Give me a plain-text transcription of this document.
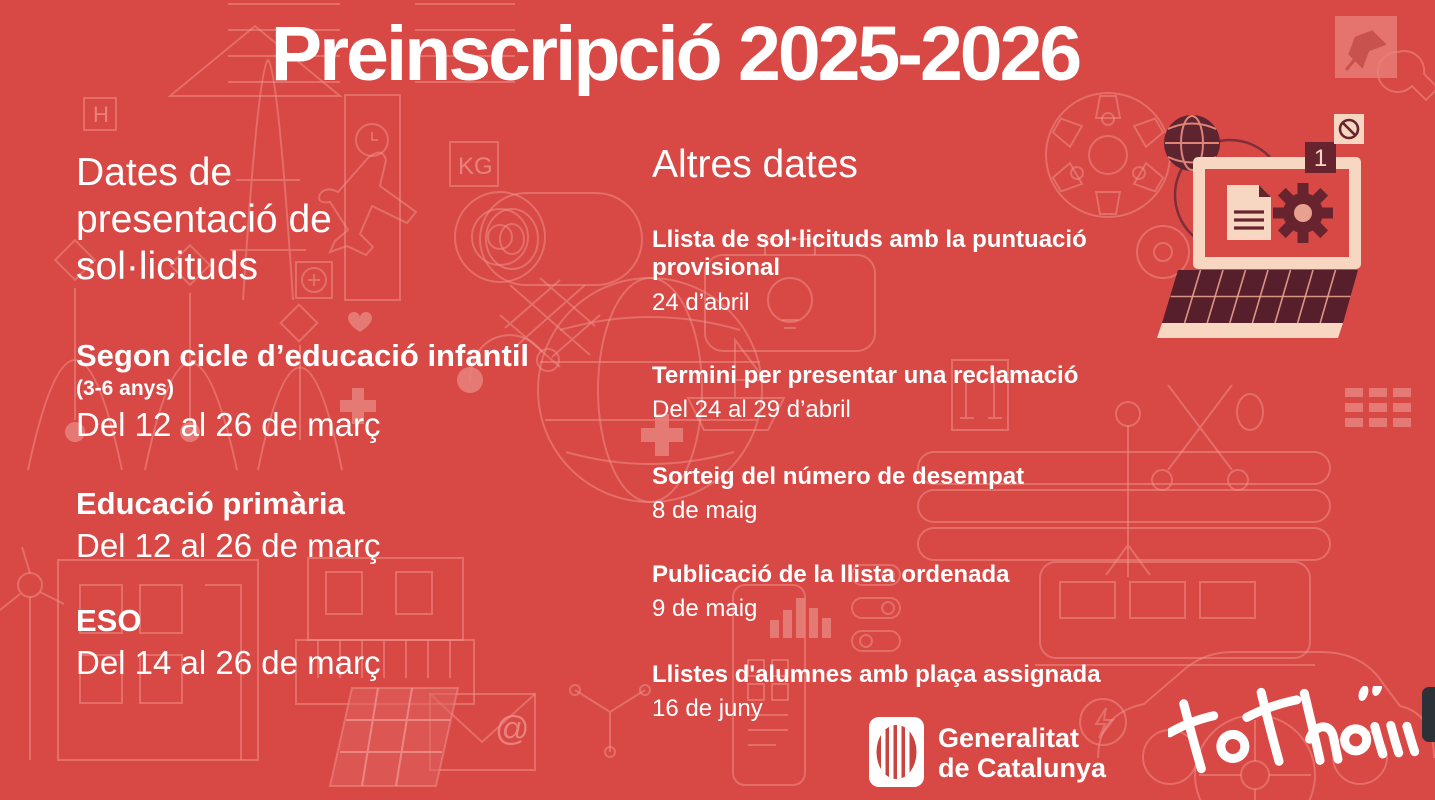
H
KG
@
Preinscripció 2025-2026
Dates de presentació de sol·licituds
Segon cicle d’educació infantil
(3-6 anys)
Del 12 al 26 de març
Educació primària
Del 12 al 26 de març
ESO
Del 14 al 26 de març
Altres dates
Llista de sol·licituds amb la puntuació provisional
24 d’abril
Termini per presentar una reclamació
Del 24 al 29 d’abril
Sorteig del número de desempat
8 de maig
Publicació de la llista ordenada
9 de maig
Llistes d'alumnes amb plaça assignada
16 de juny
1
Generalitat
de Catalunya
